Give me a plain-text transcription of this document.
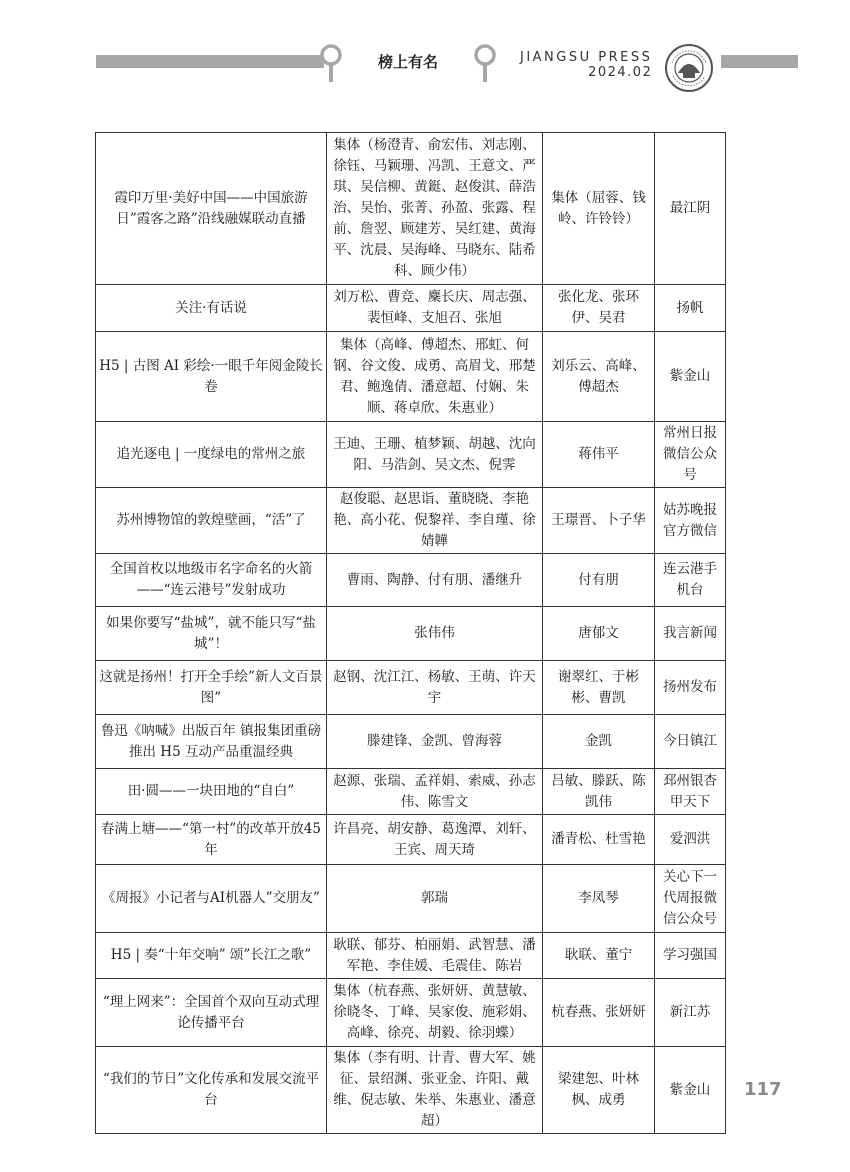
榜上有名	JIANGSU PRESS
2024.02
霞印万里·美好中国——中国旅游日”霞客之路”沿线融媒联动直播	集体（杨澄青、俞宏伟、刘志刚、徐钰、马颖珊、冯凯、王意文、严琪、吴信柳、黄鋌、赵俊淇、薛浩治、吴怡、张菁、孙盈、张露、程前、詹翌、顾建芳、吴红建、黄海平、沈晨、吴海峰、马晓东、陆希科、顾少伟）	集体（屈蓉、钱岭、许铃铃）	最江阴
关注·有话说	刘万松、曹竞、麇长庆、周志强、裴恒峰、支旭召、张旭	张化龙、张环伊、吴君	扬帆
H5 | 古图 AI 彩绘·一眼千年阅金陵长卷	集体（高峰、傅超杰、邢虹、何钢、谷文俊、成勇、高眉戈、邢楚君、鲍逸倩、潘意超、付娴、朱顺、蒋卓欣、朱惠业）	刘乐云、高峰、傅超杰	紫金山
追光逐电 | 一度绿电的常州之旅	王迪、王珊、植梦颖、胡越、沈向阳、马浩剑、吴文杰、倪霁	蒋伟平	常州日报微信公众号
苏州博物馆的敦煌壁画，“活”了	赵俊聪、赵思诣、董晓晓、李艳艳、高小花、倪黎祥、李自瑾、徐婧韡	王璟晋、卜子华	姑苏晚报官方微信
全国首枚以地级市名字命名的火箭——“连云港号”发射成功	曹雨、陶静、付有朋、潘继升	付有朋	连云港手机台
如果你要写“盐城”，就不能只写“盐城”！	张伟伟	唐郁文	我言新闻
这就是扬州！打开全手绘”新人文百景图”	赵钢、沈江江、杨敏、王萌、许天宇	谢翠红、于彬彬、曹凯	扬州发布
鲁迅《呐喊》出版百年 镇报集团重磅推出 H5 互动产品重温经典	滕建锋、金凯、曾海蓉	金凯	今日镇江
田·圆——一块田地的“自白”	赵源、张瑞、孟祥娟、索威、孙志伟、陈雪文	吕敏、滕跃、陈凯伟	邳州银杏甲天下
春满上塘——“第一村”的改革开放45年	许昌亮、胡安静、葛逸潭、刘轩、王宾、周天琦	潘青松、杜雪艳	爱泗洪
《周报》小记者与AI机器人”交朋友”	郭瑞	李凤琴	关心下一代周报微信公众号
H5 | 奏“十年交响” 颂”长江之歌”	耿联、郁芬、柏丽娟、武智慧、潘军艳、李佳媛、毛震佳、陈岩	耿联、董宁	学习强国
“理上网来”：全国首个双向互动式理论传播平台	集体（杭春燕、张妍妍、黄慧敏、徐晓冬、丁峰、吴家俊、施彩娟、高峰、徐亮、胡毅、徐羽蝶）	杭春燕、张妍妍	新江苏
“我们的节日”文化传承和发展交流平台	集体（李有明、计青、曹大军、姚征、景绍渊、张亚金、许阳、戴维、倪志敏、朱举、朱惠业、潘意超）	梁建恕、叶林枫、成勇	紫金山 117
